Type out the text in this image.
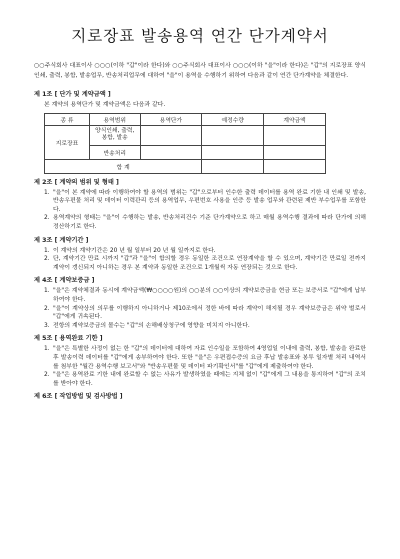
지로장표 발송용역 연간 단가계약서

○○주식회사 대표이사 ○○○(이하 "갑"이라 한다)와 ○○주식회사 대표이사 ○○○(이하 "을"이라 한다)은 "갑"의 지로장표 양식인쇄, 출력, 봉합, 발송업무, 반송처리업무에 대하여 "을"이 용역을 수행하기 위하여 다음과 같이 연간 단가계약을 체결한다.

제 1조 [ 단가 및 계약금액 ]
본 계약의 용역단가 및 계약금액은 다음과 같다.
종 류	용역범위	용역단가	예정수량	계약금액
지로장표	양식인쇄, 출력, 봉합, 발송			
	반송처리			
합 계				
제 2조 [ 계약의 범위 및 형태 ]
1. "을"이 본 계약에 따라 이행하여야 할 용역의 범위는 "갑"으로부터 인수한 출력 데이터를 용역 완료 기한 내 인쇄 및 발송, 반송우편물 처리 및 데이터 이력관리 등의 용역업무, 우편번호 사용을 인증 등 발송 업무와 관련된 제반 부수업무를 포함한다.
2. 용역계약의 형태는 "을"이 수행하는 발송, 반송처리건수 기준 단가계약으로 하고 매월 용역수행 결과에 따라 단가에 의해 정산하기로 한다.
제 3조 [ 계약기간 ]
1. 이 계약의 계약기간은 20 년 월 일부터 20 년 월 일까지로 한다.
2. 단, 계약기간 만료 시까지 "갑"과 "을"이 합의할 경우 동일한 조건으로 연장계약을 할 수 있으며, 계약기간 만료일 전까지 계약이 갱신되지 아니하는 경우 본 계약과 동일한 조건으로 1개월씩 자동 연장되는 것으로 한다.
제 4조 [ 계약보증금 ]
1. "을"은 계약체결과 동시에 계약금액(₩○○○○원)의 ○○분의 ○○이상의 계약보증금을 현금 또는 보증서로 "갑"에게 납부하여야 한다.
2. "을"이 계약상의 의무를 이행하지 아니하거나 제10조에서 정한 바에 따라 계약이 해지될 경우 계약보증금은 위약 벌로서 "갑"에게 귀속된다.
3. 전항의 계약보증금의 몰수는 "갑"의 손해배상청구에 영향을 미치지 아니한다.
제 5조 [ 용역완료 기한 ]
1. "을"은 특별한 사정이 없는 한 "갑"의 데이터에 대하여 자료 인수일을 포함하여 4영업일 이내에 출력, 봉합, 발송을 완료한 후 발송이력 데이터를 "갑"에게 송부하여야 한다. 또한 "을"은 우편접수증의 요금 후납 발송표와 봉투 일자별 처리 내역서를 첨부한 "월간 용역수행 보고서"와 "반송우편물 및 데이터 파기확인서"를 "갑"에게 제출하여야 한다.
2. "을"은 용역완료 기한 내에 완료할 수 없는 사유가 발생하였을 때에는 지체 없이 "갑"에게 그 내용을 통지하여 "갑"의 조치를 받아야 한다.
제 6조 [ 작업방법 및 검사방법 ]
